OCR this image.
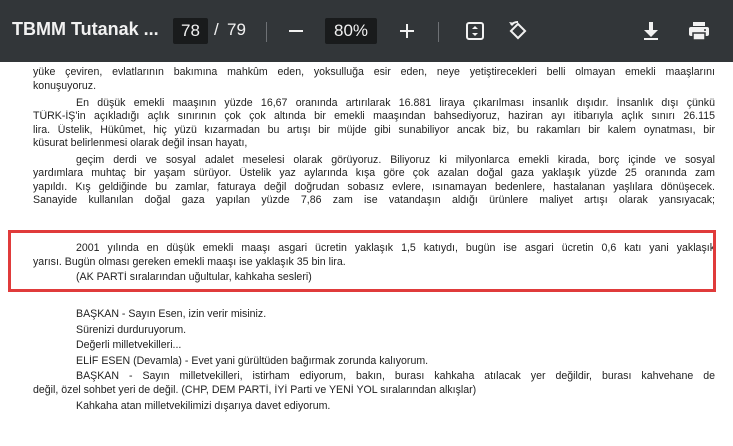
TBMM Tutanak ...	78 / 79	80%
yüke çeviren, evlatlarının bakımına mahkûm eden, yoksulluğa esir eden, neye yetiştirecekleri belli olmayan emekli maaşlarını
konuşuyoruz.
En düşük emekli maaşının yüzde 16,67 oranında artırılarak 16.881 liraya çıkarılması insanlık dışıdır. İnsanlık dışı çünkü
TÜRK-İŞ'in açıkladığı açlık sınırının çok çok altında bir emekli maaşından bahsediyoruz, haziran ayı itibarıyla açlık sınırı 26.115
lira. Üstelik, Hükûmet, hiç yüzü kızarmadan bu artışı bir müjde gibi sunabiliyor ancak biz, bu rakamları bir kalem oynatması, bir
küsurat belirlenmesi olarak değil insan hayatı,
geçim derdi ve sosyal adalet meselesi olarak görüyoruz. Biliyoruz ki milyonlarca emekli kirada, borç içinde ve sosyal
yardımlara muhtaç bir yaşam sürüyor. Üstelik yaz aylarında kışa göre çok azalan doğal gaza yaklaşık yüzde 25 oranında zam
yapıldı. Kış geldiğinde bu zamlar, faturaya değil doğrudan sobasız evlere, ısınamayan bedenlere, hastalanan yaşlılara dönüşecek.
Sanayide kullanılan doğal gaza yapılan yüzde 7,86 zam ise vatandaşın aldığı ürünlere maliyet artışı olarak yansıyacak;
2001 yılında en düşük emekli maaşı asgari ücretin yaklaşık 1,5 katıydı, bugün ise asgari ücretin 0,6 katı yani yaklaşık
yarısı. Bugün olması gereken emekli maaşı ise yaklaşık 35 bin lira.
(AK PARTİ sıralarından uğultular, kahkaha sesleri)
BAŞKAN - Sayın Esen, izin verir misiniz.
Sürenizi durduruyorum.
Değerli milletvekilleri...
ELİF ESEN (Devamla) - Evet yani gürültüden bağırmak zorunda kalıyorum.
BAŞKAN - Sayın milletvekilleri, istirham ediyorum, bakın, burası kahkaha atılacak yer değildir, burası kahvehane de
değil, özel sohbet yeri de değil. (CHP, DEM PARTİ, İYİ Parti ve YENİ YOL sıralarından alkışlar)
Kahkaha atan milletvekilimizi dışarıya davet ediyorum.
